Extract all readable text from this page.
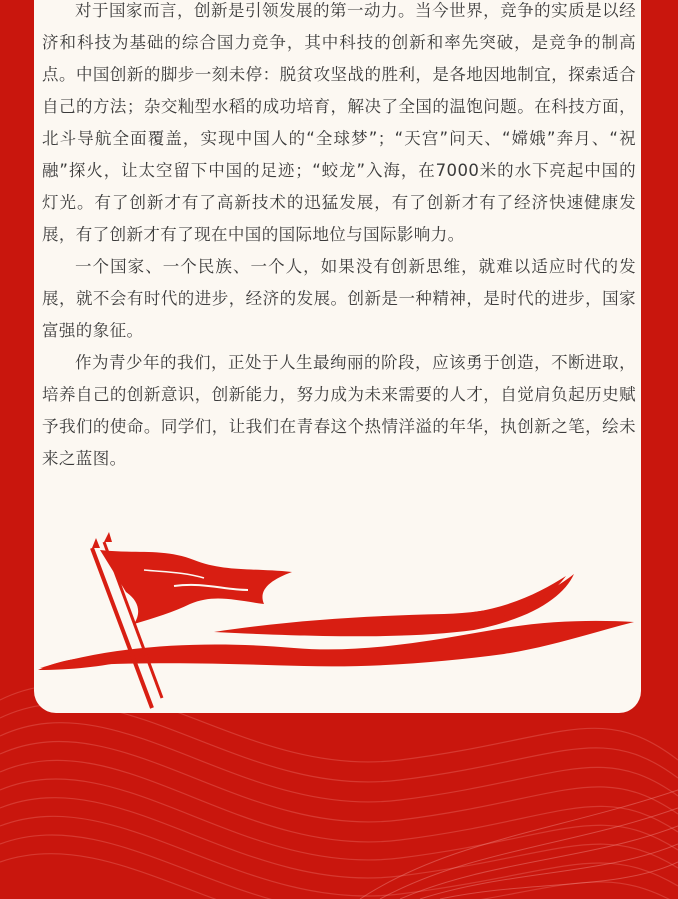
对于国家而言，创新是引领发展的第一动力。当今世界，竞争的实质是以经济和科技为基础的综合国力竞争，其中科技的创新和率先突破，是竞争的制高点。中国创新的脚步一刻未停：脱贫攻坚战的胜利，是各地因地制宜，探索适合自己的方法；杂交籼型水稻的成功培育，解决了全国的温饱问题。在科技方面，北斗导航全面覆盖，实现中国人的“全球梦”；“天宫”问天、“嫦娥”奔月、“祝融”探火，让太空留下中国的足迹；“蛟龙”入海，在7000米的水下亮起中国的灯光。有了创新才有了高新技术的迅猛发展，有了创新才有了经济快速健康发展，有了创新才有了现在中国的国际地位与国际影响力。

一个国家、一个民族、一个人，如果没有创新思维，就难以适应时代的发展，就不会有时代的进步，经济的发展。创新是一种精神，是时代的进步，国家富强的象征。

作为青少年的我们，正处于人生最绚丽的阶段，应该勇于创造，不断进取，培养自己的创新意识，创新能力，努力成为未来需要的人才，自觉肩负起历史赋予我们的使命。同学们，让我们在青春这个热情洋溢的年华，执创新之笔，绘未来之蓝图。
